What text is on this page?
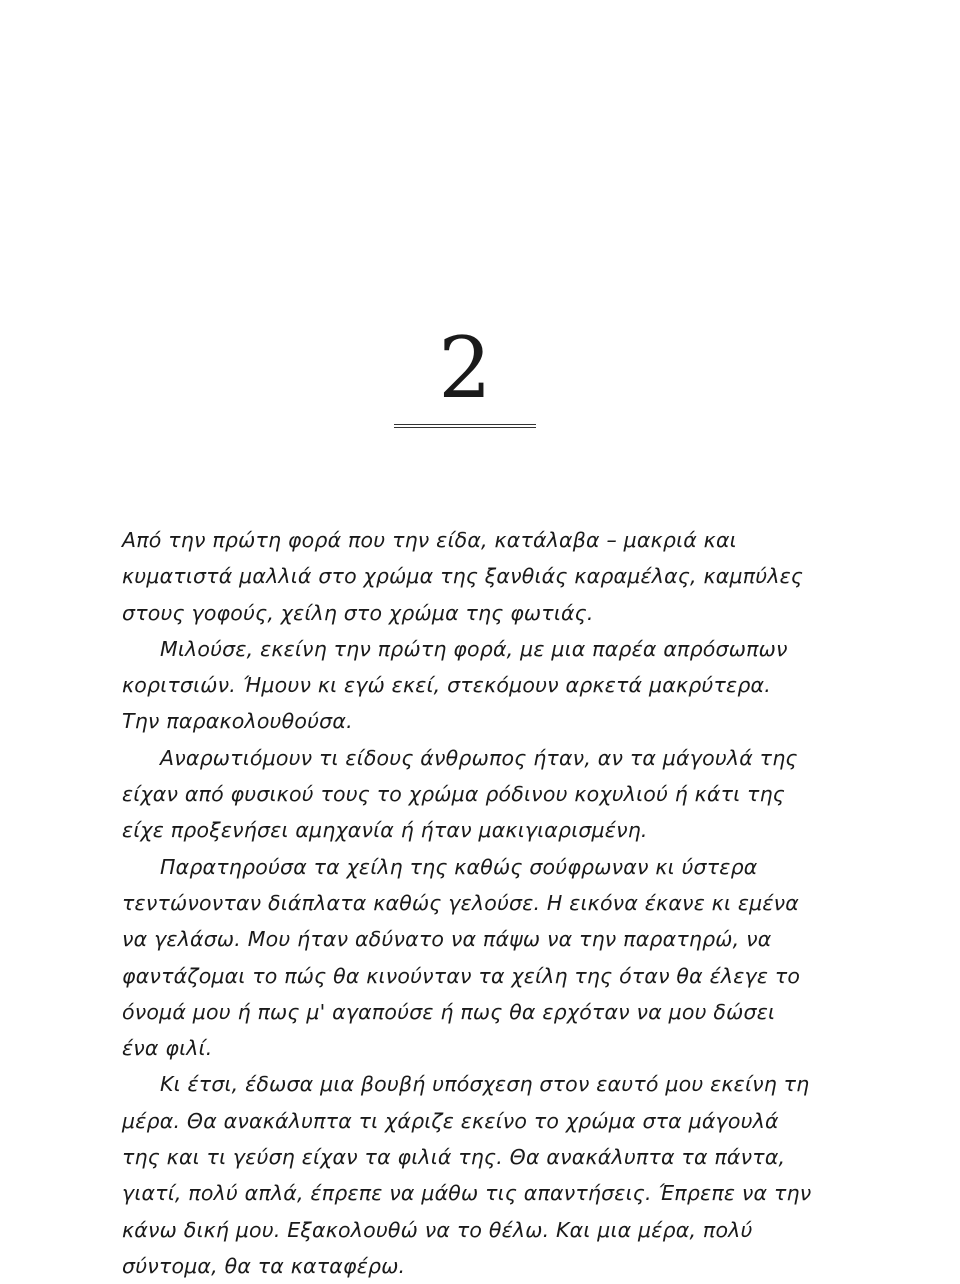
2

Από την πρώτη φορά που την είδα, κατάλαβα – μακριά και κυματιστά μαλλιά στο χρώμα της ξανθιάς καραμέλας, καμπύλες στους γοφούς, χείλη στο χρώμα της φωτιάς.

Μιλούσε, εκείνη την πρώτη φορά, με μια παρέα απρόσωπων κοριτσιών. Ήμουν κι εγώ εκεί, στεκόμουν αρκετά μακρύτερα. Την παρακολουθούσα.

Αναρωτιόμουν τι είδους άνθρωπος ήταν, αν τα μάγουλά της είχαν από φυσικού τους το χρώμα ρόδινου κοχυλιού ή κάτι της είχε προξενήσει αμηχανία ή ήταν μακιγιαρισμένη.

Παρατηρούσα τα χείλη της καθώς σούφρωναν κι ύστερα τεντώνονταν διάπλατα καθώς γελούσε. Η εικόνα έκανε κι εμένα να γελάσω. Μου ήταν αδύνατο να πάψω να την παρατηρώ, να φαντάζομαι το πώς θα κινούνταν τα χείλη της όταν θα έλεγε το όνομά μου ή πως μ' αγαπούσε ή πως θα ερχόταν να μου δώσει ένα φιλί.

Κι έτσι, έδωσα μια βουβή υπόσχεση στον εαυτό μου εκείνη τη μέρα. Θα ανακάλυπτα τι χάριζε εκείνο το χρώμα στα μάγουλά της και τι γεύση είχαν τα φιλιά της. Θα ανακάλυπτα τα πάντα, γιατί, πολύ απλά, έπρεπε να μάθω τις απαντήσεις. Έπρεπε να την κάνω δική μου. Εξακολουθώ να το θέλω. Και μια μέρα, πολύ σύντομα, θα τα καταφέρω.
